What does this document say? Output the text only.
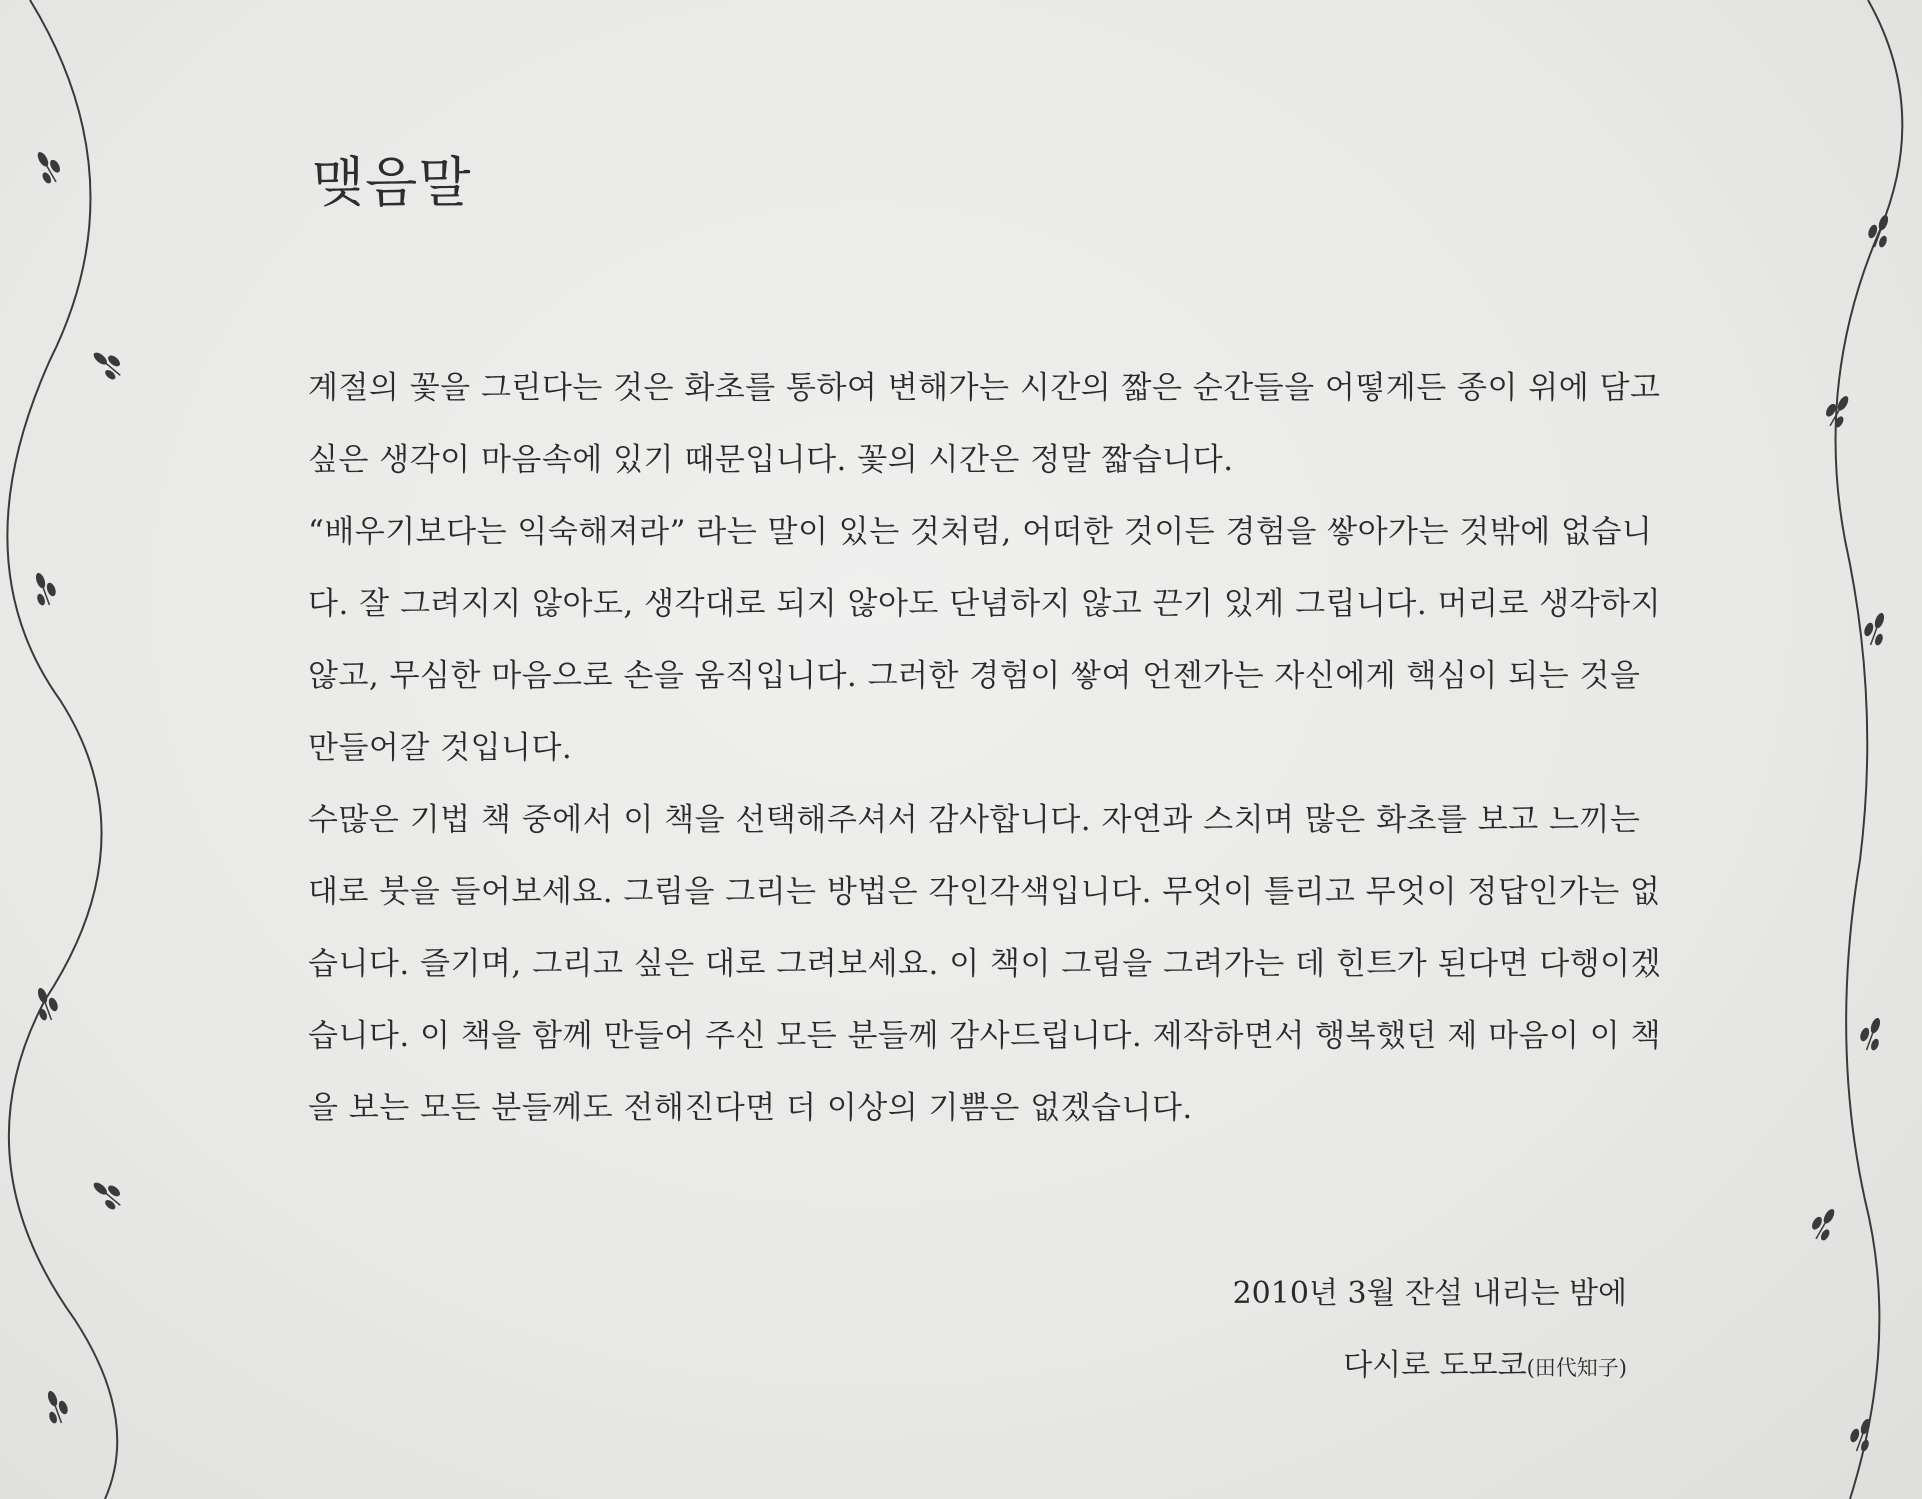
맺음말
계절의 꽃을 그린다는 것은 화초를 통하여 변해가는 시간의 짧은 순간들을 어떻게든 종이 위에 담고
싶은 생각이 마음속에 있기 때문입니다. 꽃의 시간은 정말 짧습니다.
“배우기보다는 익숙해져라” 라는 말이 있는 것처럼, 어떠한 것이든 경험을 쌓아가는 것밖에 없습니
다. 잘 그려지지 않아도, 생각대로 되지 않아도 단념하지 않고 끈기 있게 그립니다. 머리로 생각하지
않고, 무심한 마음으로 손을 움직입니다. 그러한 경험이 쌓여 언젠가는 자신에게 핵심이 되는 것을
만들어갈 것입니다.
수많은 기법 책 중에서 이 책을 선택해주셔서 감사합니다. 자연과 스치며 많은 화초를 보고 느끼는
대로 붓을 들어보세요. 그림을 그리는 방법은 각인각색입니다. 무엇이 틀리고 무엇이 정답인가는 없
습니다. 즐기며, 그리고 싶은 대로 그려보세요. 이 책이 그림을 그려가는 데 힌트가 된다면 다행이겠
습니다. 이 책을 함께 만들어 주신 모든 분들께 감사드립니다. 제작하면서 행복했던 제 마음이 이 책
을 보는 모든 분들께도 전해진다면 더 이상의 기쁨은 없겠습니다.
2010년 3월 잔설 내리는 밤에
다시로 도모코(田代知子)
